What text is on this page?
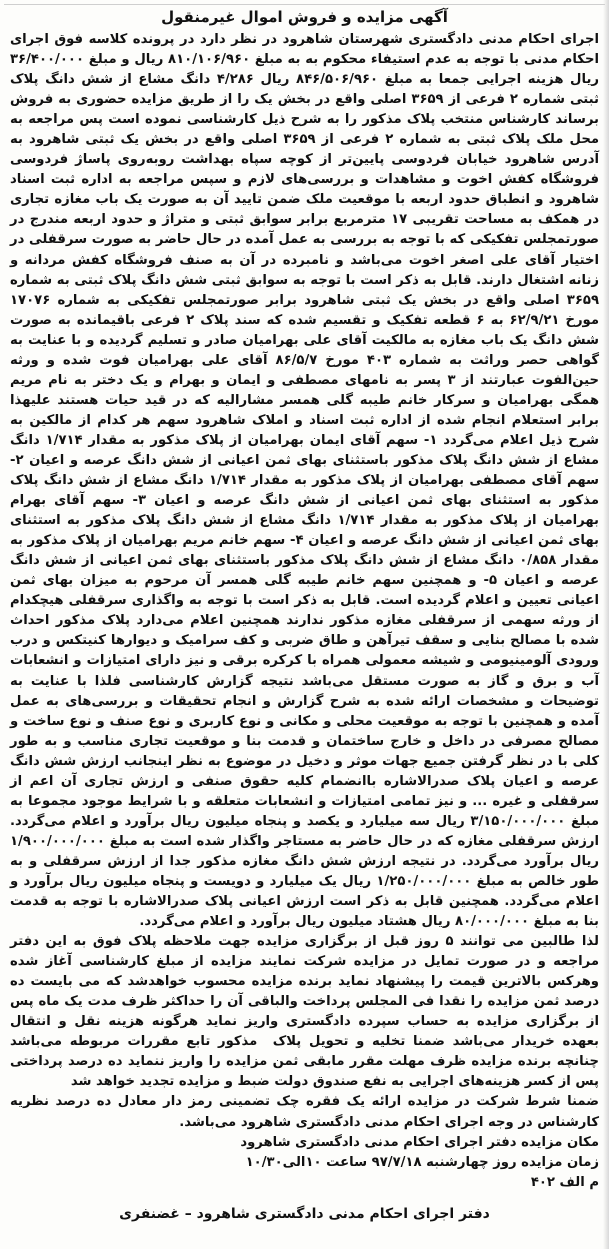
آگهی مزایده و فروش اموال غیرمنقول
اجرای احکام مدنی دادگستری شهرستان شاهرود در نظر دارد در پرونده کلاسه فوق اجرای احکام مدنی با توجه به عدم استیفاء محکوم به به مبلغ ۸۱۰/۱۰۶/۹۶۰ ریال و مبلغ ۳۶/۴۰۰/۰۰۰ ریال هزینه اجرایی جمعا به مبلغ ۸۴۶/۵۰۶/۹۶۰ ریال ۴/۲۸۶ دانگ مشاع از شش دانگ پلاک ثبتی شماره ۲ فرعی از ۳۶۵۹ اصلی واقع در بخش یک را از طریق مزایده حضوری به فروش برساند کارشناس منتخب پلاک مذکور را به شرح ذیل کارشناسی نموده است پس مراجعه به محل ملک پلاک ثبتی به شماره ۲ فرعی از ۳۶۵۹ اصلی واقع در بخش یک ثبتی شاهرود به آدرس شاهرود خیابان فردوسی پایین‌تر از کوچه سپاه بهداشت روبه‌روی پاساژ فردوسی فروشگاه کفش اخوت و مشاهدات و بررسی‌های لازم و سپس مراجعه به اداره ثبت اسناد شاهرود و انطباق حدود اربعه با موقعیت ملک ضمن تایید آن به صورت یک باب مغازه تجاری در همکف به مساحت تقریبی ۱۷ مترمربع برابر سوابق ثبتی و متراژ و حدود اربعه مندرج در صورتمجلس تفکیکی که با توجه به بررسی به عمل آمده در حال حاضر به صورت سرقفلی در اختیار آقای علی اصغر اخوت می‌باشد و نامبرده در آن به صنف فروشگاه کفش مردانه و زنانه اشتغال دارند. قابل به ذکر است با توجه به سوابق ثبتی شش دانگ پلاک ثبتی به شماره ۳۶۵۹ اصلی واقع در بخش یک ثبتی شاهرود برابر صورتمجلس تفکیکی به شماره ۱۷۰۷۶ مورخ ۶۲/۹/۲۱ به ۶ قطعه تفکیک و تقسیم شده که سند پلاک ۲ فرعی باقیمانده به صورت شش دانگ یک باب مغازه به مالکیت آقای علی بهرامیان صادر و تسلیم گردیده و با عنایت به گواهی حصر وراثت به شماره ۴۰۳ مورخ ۸۶/۵/۷ آقای علی بهرامیان فوت شده و ورثه حین‌الفوت عبارتند از ۳ پسر به نامهای مصطفی و ایمان و بهرام و یک دختر به نام مریم همگی بهرامیان و سرکار خانم طیبه گلی همسر مشارالیه که در قید حیات هستند علیهذا برابر استعلام انجام شده از اداره ثبت اسناد و املاک شاهرود سهم هر کدام از مالکین به شرح ذیل اعلام می‌گردد ۱- سهم آقای ایمان بهرامیان از پلاک مذکور به مقدار ۱/۷۱۴ دانگ مشاع از شش دانگ پلاک مذکور باستثنای بهای ثمن اعیانی از شش دانگ عرصه و اعیان ۲- سهم آقای مصطفی بهرامیان از پلاک مذکور به مقدار ۱/۷۱۴ دانگ مشاع از شش دانگ پلاک مذکور به استثنای بهای ثمن اعیانی از شش دانگ عرصه و اعیان ۳- سهم آقای بهرام بهرامیان از پلاک مذکور به مقدار ۱/۷۱۴ دانگ مشاع از شش دانگ پلاک مذکور به استثنای بهای ثمن اعیانی از شش دانگ عرصه و اعیان ۴- سهم خانم مریم بهرامیان از پلاک مذکور به مقدار ۰/۸۵۸ دانگ مشاع از شش دانگ پلاک مذکور باستثنای بهای ثمن اعیانی از شش دانگ عرصه و اعیان ۵- و همچنین سهم خانم طیبه گلی همسر آن مرحوم به میزان بهای ثمن اعیانی تعیین و اعلام گردیده است. قابل به ذکر است با توجه به واگذاری سرقفلی هیچکدام از ورثه سهمی از سرقفلی مغازه مذکور ندارند همچنین اعلام می‌دارد پلاک مذکور احداث شده با مصالح بنایی و سقف تیرآهن و طاق ضربی و کف سرامیک و دیوارها کنیتکس و درب ورودی آلومینیومی و شیشه معمولی همراه با کرکره برقی و نیز دارای امتیازات و انشعابات آب و برق و گاز به صورت مستقل می‌باشد نتیجه گزارش کارشناسی فلذا با عنایت به توضیحات و مشخصات ارائه شده به شرح گزارش و انجام تحقیقات و بررسی‌های به عمل آمده و همچنین با توجه به موقعیت محلی و مکانی و نوع کاربری و نوع صنف و نوع ساخت و مصالح مصرفی در داخل و خارج ساختمان و قدمت بنا و موقعیت تجاری مناسب و به طور کلی با در نظر گرفتن جمیع جهات موثر و دخیل در موضوع به نظر اینجانب ارزش شش دانگ عرصه و اعیان پلاک صدرالاشاره باانضمام کلیه حقوق صنفی و ارزش تجاری آن اعم از سرقفلی و غیره ... و نیز تمامی امتیازات و انشعابات متعلقه و با شرایط موجود مجموعا به مبلغ ۳/۱۵۰/۰۰۰/۰۰۰ ریال سه میلیارد و یکصد و پنجاه میلیون ریال برآورد و اعلام می‌گردد. ارزش سرقفلی مغازه که در حال حاضر به مستاجر واگذار شده است به مبلغ ۱/۹۰۰/۰۰۰/۰۰۰ ریال برآورد می‌گردد. در نتیجه ارزش شش دانگ مغازه مذکور جدا از ارزش سرقفلی و به طور خالص به مبلغ ۱/۲۵۰/۰۰۰/۰۰۰ ریال یک میلیارد و دویست و پنجاه میلیون ریال برآورد و اعلام می‌گردد. همچنین قابل به ذکر است ارزش اعیانی پلاک صدرالاشاره با توجه به قدمت بنا به مبلغ ۸۰/۰۰۰/۰۰۰ ریال هشتاد میلیون ریال برآورد و اعلام می‌گردد.
لذا طالبین می توانند ۵ روز قبل از برگزاری مزایده جهت ملاحظه پلاک فوق به این دفتر مراجعه و در صورت تمایل در مزایده شرکت نمایند مزایده از مبلغ کارشناسی آغاز شده وهرکس بالاترین قیمت را پیشنهاد نماید برنده مزایده محسوب خواهدشد که می بایست ده درصد ثمن مزایده را نقدا فی المجلس پرداخت والباقی آن را حداکثر ظرف مدت یک ماه پس از برگزاری مزایده به حساب سپرده دادگستری واریز نماید هرگونه هزینه نقل و انتقال بعهده خریدار می‌باشد ضمنا تخلیه و تحویل پلاک  مذکور تابع مقررات مربوطه می‌باشد چنانچه برنده مزایده ظرف مهلت مقرر مابقی ثمن مزایده را واریز ننماید ده درصد پرداختی پس از کسر هزینه‌های اجرایی به نفع صندوق دولت ضبط و مزایده تجدید خواهد شد
ضمنا شرط شرکت در مزایده ارائه یک فقره چک تضمینی رمز دار معادل ده درصد نظریه کارشناس در وجه اجرای احکام مدنی دادگستری شاهرود می‌باشد.
مکان مزایده دفتر اجرای احکام مدنی دادگستری شاهرود
زمان مزایده روز چهارشنبه ۹۷/۷/۱۸ ساعت ۱۰الی۱۰/۳۰
م الف ۴۰۲
دفتر اجرای احکام مدنی دادگستری شاهرود – غضنفری
